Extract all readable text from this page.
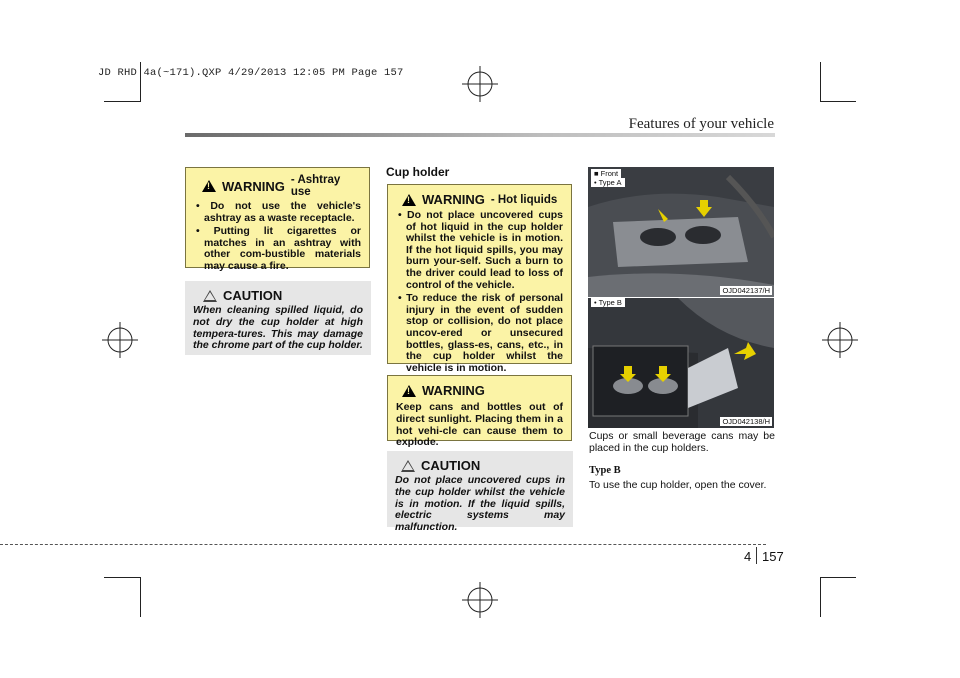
JD RHD 4a(~171).QXP 4/29/2013 12:05 PM Page 157
Features of your vehicle
!
WARNING - Ashtray use
• Do not use the vehicle's ashtray as a waste receptacle.
• Putting lit cigarettes or matches in an ashtray with other com-bustible materials may cause a fire.
CAUTION
When cleaning spilled liquid, do not dry the cup holder at high tempera-tures. This may damage the chrome part of the cup holder.
Cup holder
!
WARNING - Hot liquids
• Do not place uncovered cups of hot liquid in the cup holder whilst the vehicle is in motion. If the hot liquid spills, you may burn your-self. Such a burn to the driver could lead to loss of control of the vehicle.
• To reduce the risk of personal injury in the event of sudden stop or collision, do not place uncov-ered or unsecured bottles, glass-es, cans, etc., in the cup holder whilst the vehicle is in motion.
!
WARNING
Keep cans and bottles out of direct sunlight. Placing them in a hot vehi-cle can cause them to explode.
CAUTION
Do not place uncovered cups in the cup holder whilst the vehicle is in motion. If the liquid spills, electric systems may malfunction.
■ Front
• Type A
OJD042137/H
• Type B
OJD042138/H
Cups or small beverage cans may be placed in the cup holders.
Type B
To use the cup holder, open the cover.
4 157
